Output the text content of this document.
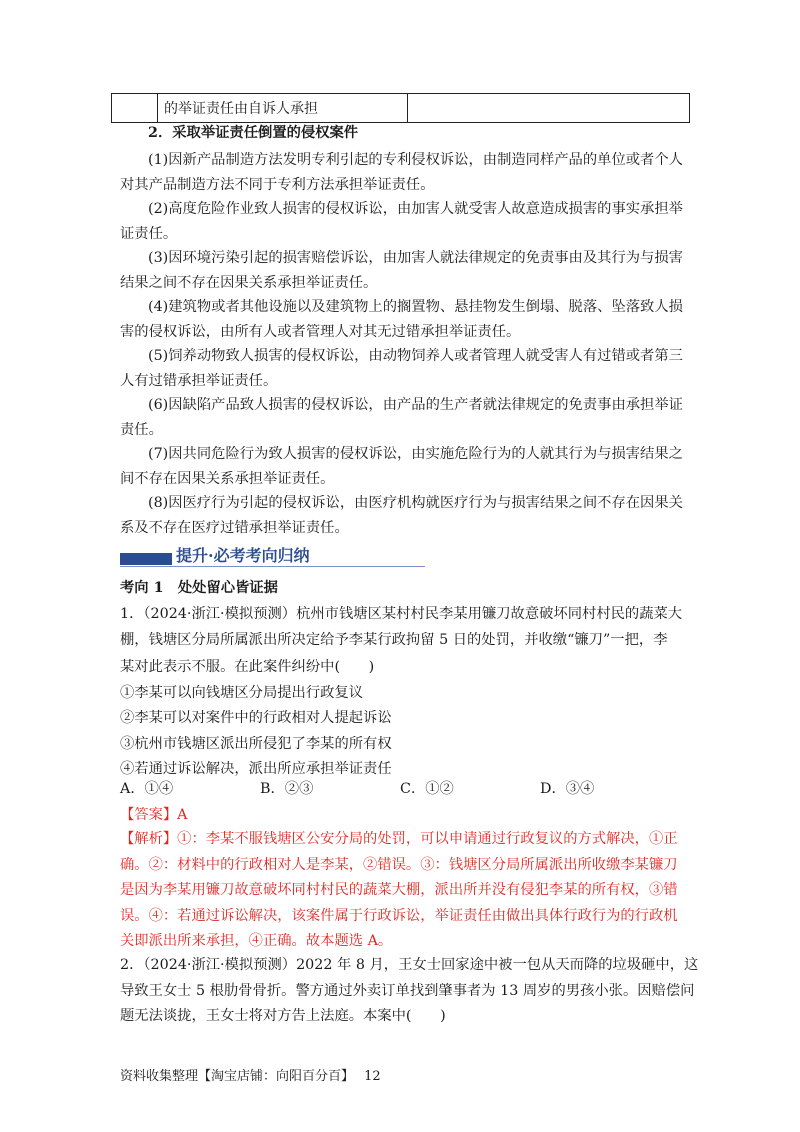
	的举证责任由自诉人承担	
2．采取举证责任倒置的侵权案件
(1)因新产品制造方法发明专利引起的专利侵权诉讼，由制造同样产品的单位或者个人
对其产品制造方法不同于专利方法承担举证责任。
(2)高度危险作业致人损害的侵权诉讼，由加害人就受害人故意造成损害的事实承担举
证责任。
(3)因环境污染引起的损害赔偿诉讼，由加害人就法律规定的免责事由及其行为与损害
结果之间不存在因果关系承担举证责任。
(4)建筑物或者其他设施以及建筑物上的搁置物、悬挂物发生倒塌、脱落、坠落致人损
害的侵权诉讼，由所有人或者管理人对其无过错承担举证责任。
(5)饲养动物致人损害的侵权诉讼，由动物饲养人或者管理人就受害人有过错或者第三
人有过错承担举证责任。
(6)因缺陷产品致人损害的侵权诉讼，由产品的生产者就法律规定的免责事由承担举证
责任。
(7)因共同危险行为致人损害的侵权诉讼，由实施危险行为的人就其行为与损害结果之
间不存在因果关系承担举证责任。
(8)因医疗行为引起的侵权诉讼，由医疗机构就医疗行为与损害结果之间不存在因果关
系及不存在医疗过错承担举证责任。
提升·必考考向归纳
考向 1　处处留心皆证据
1．（2024·浙江·模拟预测）杭州市钱塘区某村村民李某用镰刀故意破坏同村村民的蔬菜大
棚，钱塘区分局所属派出所决定给予李某行政拘留 5 日的处罚，并收缴“镰刀”一把，李
某对此表示不服。在此案件纠纷中(　　)
①李某可以向钱塘区分局提出行政复议
②李某可以对案件中的行政相对人提起诉讼
③杭州市钱塘区派出所侵犯了李某的所有权
④若通过诉讼解决，派出所应承担举证责任
A．①④	B．②③	C．①②	D．③④
【答案】A
【解析】①：李某不服钱塘区公安分局的处罚，可以申请通过行政复议的方式解决，①正
确。②：材料中的行政相对人是李某，②错误。③：钱塘区分局所属派出所收缴李某镰刀
是因为李某用镰刀故意破坏同村村民的蔬菜大棚，派出所并没有侵犯李某的所有权，③错
误。④：若通过诉讼解决，该案件属于行政诉讼，举证责任由做出具体行政行为的行政机
关即派出所来承担，④正确。故本题选 A。
2．（2024·浙江·模拟预测）2022 年 8 月，王女士回家途中被一包从天而降的垃圾砸中，这
导致王女士 5 根肋骨骨折。警方通过外卖订单找到肇事者为 13 周岁的男孩小张。因赔偿问
题无法谈拢，王女士将对方告上法庭。本案中(　　)
资料收集整理【淘宝店铺：向阳百分百】 12
